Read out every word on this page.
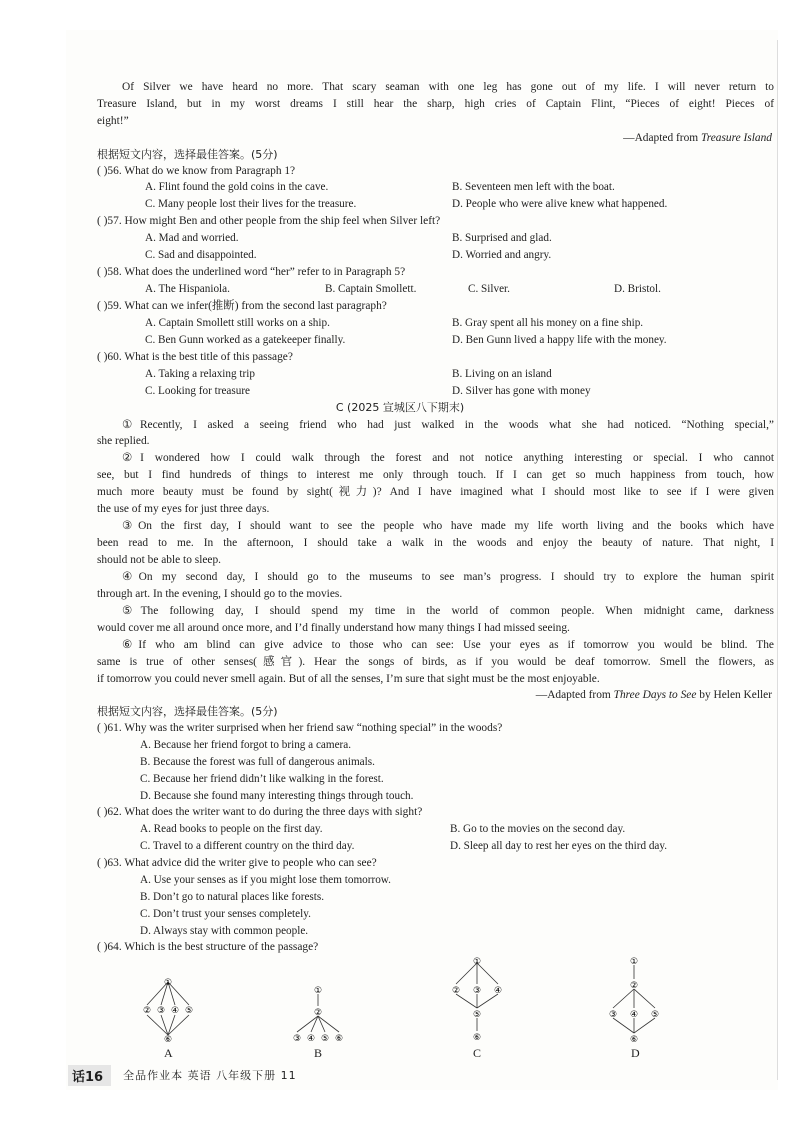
Of Silver we have heard no more. That scary seaman with one leg has gone out of my life. I will never return to
Treasure Island, but in my worst dreams I still hear the sharp, high cries of Captain Flint, “Pieces of eight! Pieces of
eight!”
—Adapted from Treasure Island
根据短文内容，选择最佳答案。(5分)
( )56. What do we know from Paragraph 1?
A. Flint found the gold coins in the cave.	B. Seventeen men left with the boat.
C. Many people lost their lives for the treasure.	D. People who were alive knew what happened.
( )57. How might Ben and other people from the ship feel when Silver left?
A. Mad and worried.	B. Surprised and glad.
C. Sad and disappointed.	D. Worried and angry.
( )58. What does the underlined word “her” refer to in Paragraph 5?
A. The Hispaniola.	B. Captain Smollett.	C. Silver.	D. Bristol.
( )59. What can we infer(推断) from the second last paragraph?
A. Captain Smollett still works on a ship.	B. Gray spent all his money on a fine ship.
C. Ben Gunn worked as a gatekeeper finally.	D. Ben Gunn lived a happy life with the money.
( )60. What is the best title of this passage?
A. Taking a relaxing trip	B. Living on an island
C. Looking for treasure	D. Silver has gone with money
C (2025 宣城区八下期末)
①Recently, I asked a seeing friend who had just walked in the woods what she had noticed. “Nothing special,”
she replied.
②I wondered how I could walk through the forest and not notice anything interesting or special. I who cannot
see, but I find hundreds of things to interest me only through touch. If I can get so much happiness from touch, how
much more beauty must be found by sight(视力)? And I have imagined what I should most like to see if I were given
the use of my eyes for just three days.
③On the first day, I should want to see the people who have made my life worth living and the books which have
been read to me. In the afternoon, I should take a walk in the woods and enjoy the beauty of nature. That night, I
should not be able to sleep.
④On my second day, I should go to the museums to see man’s progress. I should try to explore the human spirit
through art. In the evening, I should go to the movies.
⑤The following day, I should spend my time in the world of common people. When midnight came, darkness
would cover me all around once more, and I’d finally understand how many things I had missed seeing.
⑥If who am blind can give advice to those who can see: Use your eyes as if tomorrow you would be blind. The
same is true of other senses(感官). Hear the songs of birds, as if you would be deaf tomorrow. Smell the flowers, as
if tomorrow you could never smell again. But of all the senses, I’m sure that sight must be the most enjoyable.
—Adapted from Three Days to See by Helen Keller
根据短文内容，选择最佳答案。(5分)
( )61. Why was the writer surprised when her friend saw “nothing special” in the woods?
A. Because her friend forgot to bring a camera.
B. Because the forest was full of dangerous animals.
C. Because her friend didn’t like walking in the forest.
D. Because she found many interesting things through touch.
( )62. What does the writer want to do during the three days with sight?
A. Read books to people on the first day.	B. Go to the movies on the second day.
C. Travel to a different country on the third day.	D. Sleep all day to rest her eyes on the third day.
( )63. What advice did the writer give to people who can see?
A. Use your senses as if you might lose them tomorrow.
B. Don’t go to natural places like forests.
C. Don’t trust your senses completely.
D. Always stay with common people.
( )64. Which is the best structure of the passage?
①
② ③ ④ ⑤
⑥
A
①
②
③ ④ ⑤ ⑥
B
①
② ③ ④
⑤
⑥
C
①
②
③ ④ ⑤
⑥
D
话16	全品作业本 英语 八年级下册 11
